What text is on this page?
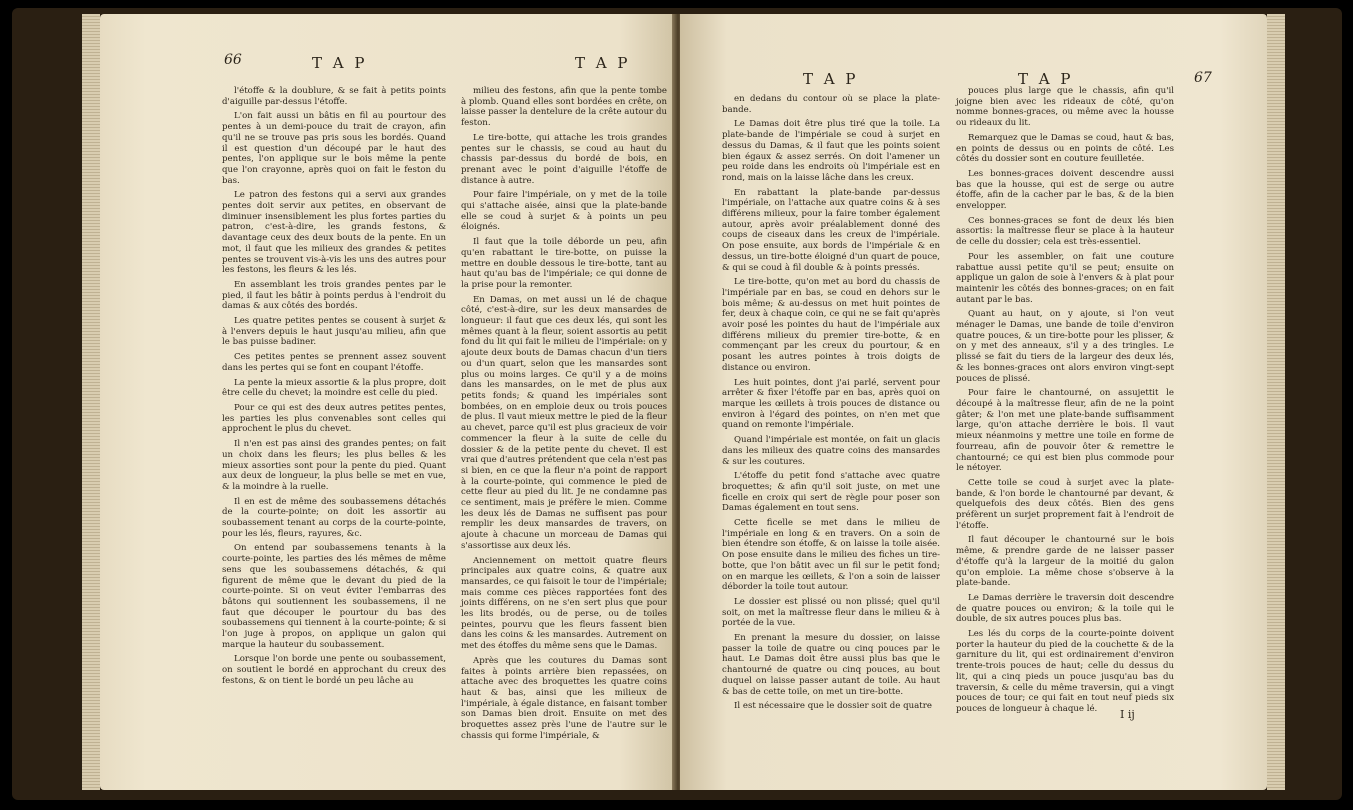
66	T A P	T A P

l'étoffe & la doublure, & se fait à petits points d'aiguille par-dessus l'étoffe.

L'on fait aussi un bâtis en fil au pourtour des pentes à un demi-pouce du trait de crayon, afin qu'il ne se trouve pas pris sous les bordés. Quand il est question d'un découpé par le haut des pentes, l'on applique sur le bois même la pente que l'on crayonne, après quoi on fait le feston du bas.

Le patron des festons qui a servi aux grandes pentes doit servir aux petites, en observant de diminuer insensiblement les plus fortes parties du patron, c'est-à-dire, les grands festons, & davantage ceux des deux bouts de la pente. En un mot, il faut que les milieux des grandes & petites pentes se trouvent vis-à-vis les uns des autres pour les festons, les fleurs & les lés.

En assemblant les trois grandes pentes par le pied, il faut les bâtir à points perdus à l'endroit du damas & aux côtés des bordés.

Les quatre petites pentes se cousent à surjet & à l'envers depuis le haut jusqu'au milieu, afin que le bas puisse badiner.

Ces petites pentes se prennent assez souvent dans les pertes qui se font en coupant l'étoffe.

La pente la mieux assortie & la plus propre, doit être celle du chevet; la moindre est celle du pied.

Pour ce qui est des deux autres petites pentes, les parties les plus convenables sont celles qui approchent le plus du chevet.

Il n'en est pas ainsi des grandes pentes; on fait un choix dans les fleurs; les plus belles & les mieux assorties sont pour la pente du pied. Quant aux deux de longueur, la plus belle se met en vue, & la moindre à la ruelle.

Il en est de même des soubassemens détachés de la courte-pointe; on doit les assortir au soubassement tenant au corps de la courte-pointe, pour les lés, fleurs, rayures, &c.

On entend par soubassemens tenants à la courte-pointe, les parties des lés mêmes de même sens que les soubassemens détachés, & qui figurent de même que le devant du pied de la courte-pointe. Si on veut éviter l'embarras des bâtons qui soutiennent les soubassemens, il ne faut que découper le pourtour du bas des soubassemens qui tiennent à la courte-pointe; & si l'on juge à propos, on applique un galon qui marque la hauteur du soubassement.

Lorsque l'on borde une pente ou soubassement, on soutient le bordé en approchant du creux des festons, & on tient le bordé un peu lâche au

milieu des festons, afin que la pente tombe à plomb. Quand elles sont bordées en crête, on laisse passer la dentelure de la crête autour du feston.

Le tire-botte, qui attache les trois grandes pentes sur le chassis, se coud au haut du chassis par-dessus du bordé de bois, en prenant avec le point d'aiguille l'étoffe de distance à autre.

Pour faire l'impériale, on y met de la toile qui s'attache aisée, ainsi que la plate-bande elle se coud à surjet & à points un peu éloignés.

Il faut que la toile déborde un peu, afin qu'en rabattant le tire-botte, on puisse la mettre en double dessous le tire-botte, tant au haut qu'au bas de l'impériale; ce qui donne de la prise pour la remonter.

En Damas, on met aussi un lé de chaque côté, c'est-à-dire, sur les deux mansardes de longueur: il faut que ces deux lés, qui sont les mêmes quant à la fleur, soient assortis au petit fond du lit qui fait le milieu de l'impériale: on y ajoute deux bouts de Damas chacun d'un tiers ou d'un quart, selon que les mansardes sont plus ou moins larges. Ce qu'il y a de moins dans les mansardes, on le met de plus aux petits fonds; & quand les impériales sont bombées, on en emploie deux ou trois pouces de plus. Il vaut mieux mettre le pied de la fleur au chevet, parce qu'il est plus gracieux de voir commencer la fleur à la suite de celle du dossier & de la petite pente du chevet. Il est vrai que d'autres prétendent que cela n'est pas si bien, en ce que la fleur n'a point de rapport à la courte-pointe, qui commence le pied de cette fleur au pied du lit. Je ne condamne pas ce sentiment, mais je préfère le mien. Comme les deux lés de Damas ne suffisent pas pour remplir les deux mansardes de travers, on ajoute à chacune un morceau de Damas qui s'assortisse aux deux lés.

Anciennement on mettoit quatre fleurs principales aux quatre coins, & quatre aux mansardes, ce qui faisoit le tour de l'impériale; mais comme ces pièces rapportées font des joints différens, on ne s'en sert plus que pour les lits brodés, ou de perse, ou de toiles peintes, pourvu que les fleurs fassent bien dans les coins & les mansardes. Autrement on met des étoffes du même sens que le Damas.

Après que les coutures du Damas sont faites à points arrière bien repassées, on attache avec des broquettes les quatre coins haut & bas, ainsi que les milieux de l'impériale, à égale distance, en faisant tomber son Damas bien droit. Ensuite on met des broquettes assez près l'une de l'autre sur le chassis qui forme l'impériale, &

T A P	T A P	67

en dedans du contour où se place la plate-bande.

Le Damas doit être plus tiré que la toile. La plate-bande de l'impériale se coud à surjet en dessus du Damas, & il faut que les points soient bien égaux & assez serrés. On doit l'amener un peu roide dans les endroits où l'impériale est en rond, mais on la laisse lâche dans les creux.

En rabattant la plate-bande par-dessus l'impériale, on l'attache aux quatre coins & à ses différens milieux, pour la faire tomber également autour, après avoir préalablement donné des coups de ciseaux dans les creux de l'impériale. On pose ensuite, aux bords de l'impériale & en dessus, un tire-botte éloigné d'un quart de pouce, & qui se coud à fil double & à points pressés.

Le tire-botte, qu'on met au bord du chassis de l'impériale par en bas, se coud en dehors sur le bois même; & au-dessus on met huit pointes de fer, deux à chaque coin, ce qui ne se fait qu'après avoir posé les pointes du haut de l'impériale aux différens milieux du premier tire-botte, & en commençant par les creux du pourtour, & en posant les autres pointes à trois doigts de distance ou environ.

Les huit pointes, dont j'ai parlé, servent pour arrêter & fixer l'étoffe par en bas, après quoi on marque les œillets à trois pouces de distance ou environ à l'égard des pointes, on n'en met que quand on remonte l'impériale.

Quand l'impériale est montée, on fait un glacis dans les milieux des quatre coins des mansardes & sur les coutures.

L'étoffe du petit fond s'attache avec quatre broquettes; & afin qu'il soit juste, on met une ficelle en croix qui sert de règle pour poser son Damas également en tout sens.

Cette ficelle se met dans le milieu de l'impériale en long & en travers. On a soin de bien étendre son étoffe, & on laisse la toile aisée. On pose ensuite dans le milieu des fiches un tire-botte, que l'on bâtit avec un fil sur le petit fond; on en marque les œillets, & l'on a soin de laisser déborder la toile tout autour.

Le dossier est plissé ou non plissé; quel qu'il soit, on met la maîtresse fleur dans le milieu & à portée de la vue.

En prenant la mesure du dossier, on laisse passer la toile de quatre ou cinq pouces par le haut. Le Damas doit être aussi plus bas que le chantourné de quatre ou cinq pouces, au bout duquel on laisse passer autant de toile. Au haut & bas de cette toile, on met un tire-botte.

Il est nécessaire que le dossier soit de quatre

pouces plus large que le chassis, afin qu'il joigne bien avec les rideaux de côté, qu'on nomme bonnes-graces, ou même avec la housse ou rideaux du lit.

Remarquez que le Damas se coud, haut & bas, en points de dessus ou en points de côté. Les côtés du dossier sont en couture feuilletée.

Les bonnes-graces doivent descendre aussi bas que la housse, qui est de serge ou autre étoffe, afin de la cacher par le bas, & de la bien envelopper.

Ces bonnes-graces se font de deux lés bien assortis: la maîtresse fleur se place à la hauteur de celle du dossier; cela est très-essentiel.

Pour les assembler, on fait une couture rabattue aussi petite qu'il se peut; ensuite on applique un galon de soie à l'envers & à plat pour maintenir les côtés des bonnes-graces; on en fait autant par le bas.

Quant au haut, on y ajoute, si l'on veut ménager le Damas, une bande de toile d'environ quatre pouces, & un tire-botte pour les plisser, & on y met des anneaux, s'il y a des tringles. Le plissé se fait du tiers de la largeur des deux lés, & les bonnes-graces ont alors environ vingt-sept pouces de plissé.

Pour faire le chantourné, on assujettit le découpé à la maîtresse fleur, afin de ne la point gâter; & l'on met une plate-bande suffisamment large, qu'on attache derrière le bois. Il vaut mieux néanmoins y mettre une toile en forme de fourreau, afin de pouvoir ôter & remettre le chantourné; ce qui est bien plus commode pour le nétoyer.

Cette toile se coud à surjet avec la plate-bande, & l'on borde le chantourné par devant, & quelquefois des deux côtés. Bien des gens préfèrent un surjet proprement fait à l'endroit de l'étoffe.

Il faut découper le chantourné sur le bois même, & prendre garde de ne laisser passer d'étoffe qu'à la largeur de la moitié du galon qu'on emploie. La même chose s'observe à la plate-bande.

Le Damas derrière le traversin doit descendre de quatre pouces ou environ; & la toile qui le double, de six autres pouces plus bas.

Les lés du corps de la courte-pointe doivent porter la hauteur du pied de la couchette & de la garniture du lit, qui est ordinairement d'environ trente-trois pouces de haut; celle du dessus du lit, qui a cinq pieds un pouce jusqu'au bas du traversin, & celle du même traversin, qui a vingt pouces de tour; ce qui fait en tout neuf pieds six pouces de longueur à chaque lé.	I ij
